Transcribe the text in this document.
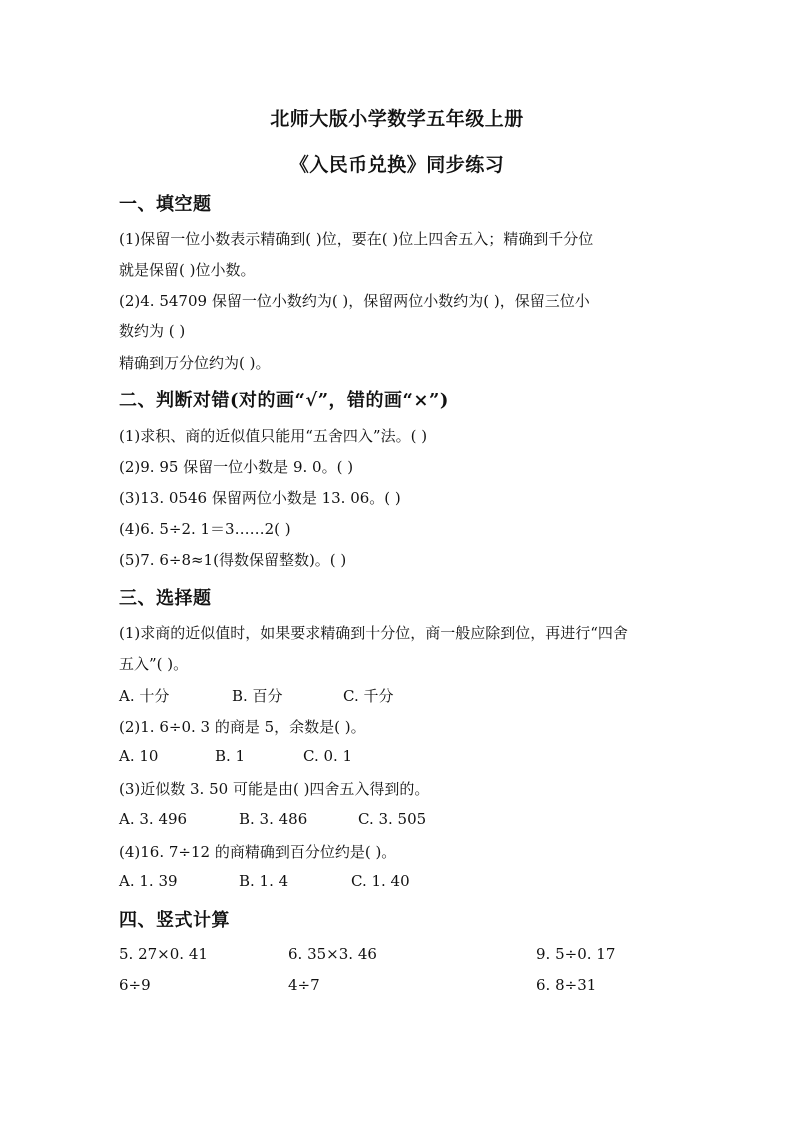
北师大版小学数学五年级上册
《入民币兑换》同步练习
一、填空题
(1)保留一位小数表示精确到( )位，要在( )位上四舍五入；精确到千分位
就是保留( )位小数。
(2)4. 54709 保留一位小数约为( )，保留两位小数约为( )，保留三位小
数约为 ( )
精确到万分位约为( )。
二、判断对错(对的画“√”，错的画“×”)
(1)求积、商的近似值只能用“五舍四入”法。( )
(2)9. 95 保留一位小数是 9. 0。( )
(3)13. 0546 保留两位小数是 13. 06。( )
(4)6. 5÷2. 1＝3……2( )
(5)7. 6÷8≈1(得数保留整数)。( )
三、选择题
(1)求商的近似值时，如果要求精确到十分位，商一般应除到位，再进行“四舍
五入”( )。
A. 十分	B. 百分	C. 千分
(2)1. 6÷0. 3 的商是 5，余数是( )。
A. 10	B. 1	C. 0. 1
(3)近似数 3. 50 可能是由( )四舍五入得到的。
A. 3. 496	B. 3. 486	C. 3. 505
(4)16. 7÷12 的商精确到百分位约是( )。
A. 1. 39	B. 1. 4	C. 1. 40
四、竖式计算
5. 27×0. 41	6. 35×3. 46	9. 5÷0. 17
6÷9	4÷7	6. 8÷31
